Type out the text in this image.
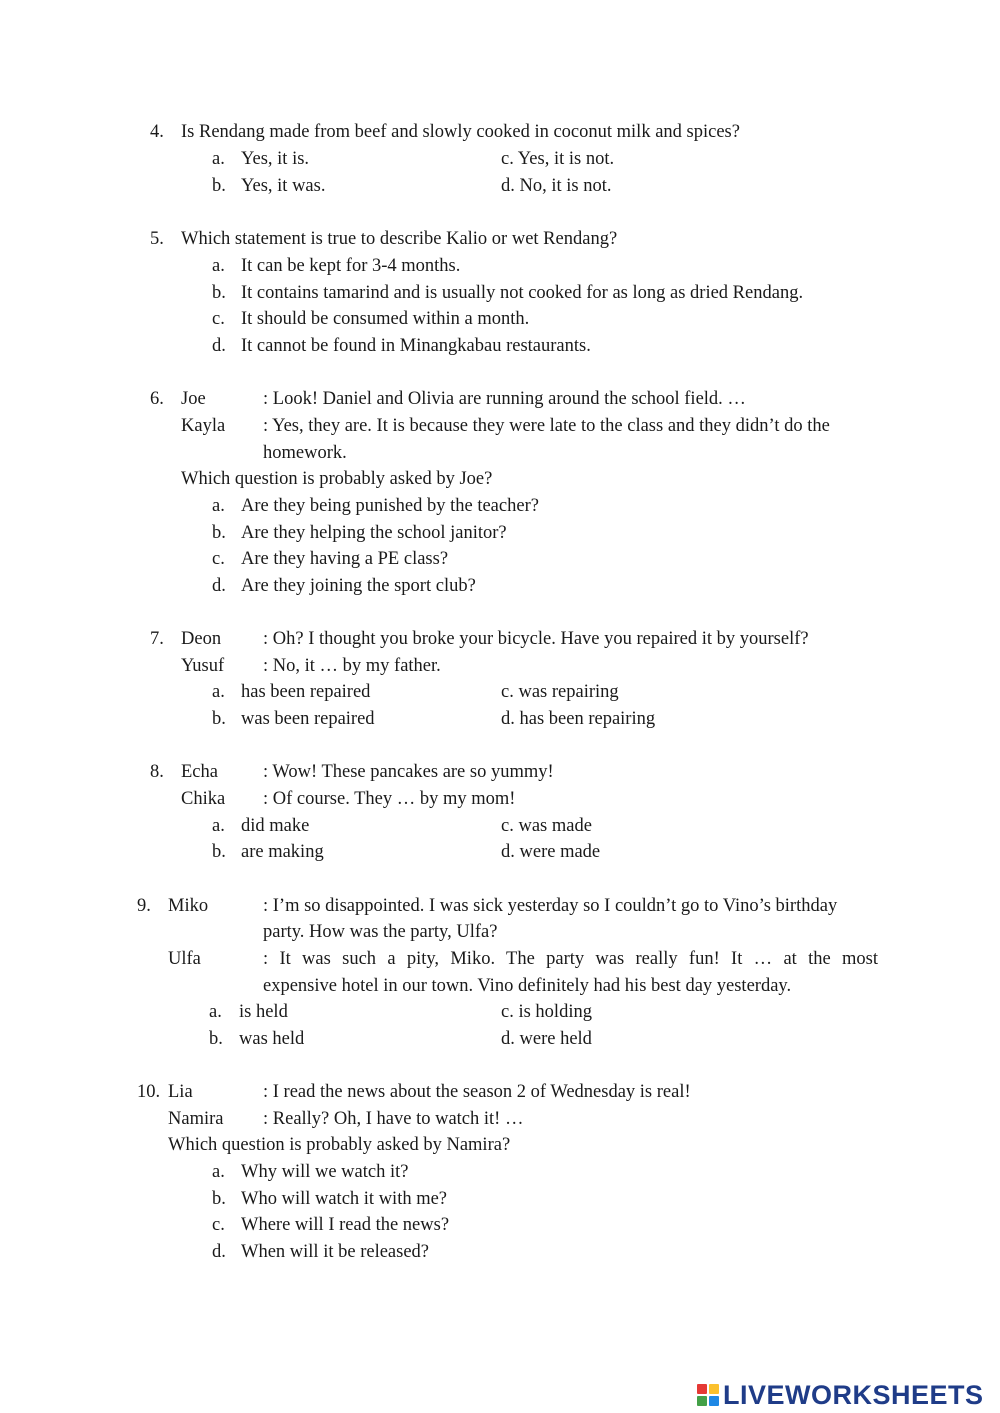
4. Is Rendang made from beef and slowly cooked in coconut milk and spices?
a. Yes, it is.	c. Yes, it is not.
b. Yes, it was.	d. No, it is not.
5. Which statement is true to describe Kalio or wet Rendang?
a. It can be kept for 3-4 months.
b. It contains tamarind and is usually not cooked for as long as dried Rendang.
c. It should be consumed within a month.
d. It cannot be found in Minangkabau restaurants.
6. Joe	: Look! Daniel and Olivia are running around the school field. …
Kayla : Yes, they are. It is because they were late to the class and they didn’t do the
homework.
Which question is probably asked by Joe?
a. Are they being punished by the teacher?
b. Are they helping the school janitor?
c. Are they having a PE class?
d. Are they joining the sport club?
7. Deon : Oh? I thought you broke your bicycle. Have you repaired it by yourself?
Yusuf : No, it … by my father.
a. has been repaired	c. was repairing
b. was been repaired	d. has been repairing
8. Echa : Wow! These pancakes are so yummy!
Chika : Of course. They … by my mom!
a. did make	c. was made
b. are making	d. were made
9. Miko	: I’m so disappointed. I was sick yesterday so I couldn’t go to Vino’s birthday
party. How was the party, Ulfa?
Ulfa	: It was such a pity, Miko. The party was really fun! It … at the most
expensive hotel in our town. Vino definitely had his best day yesterday.
a. is held	c. is holding
b. was held	d. were held
10. Lia	: I read the news about the season 2 of Wednesday is real!
Namira : Really? Oh, I have to watch it! …
Which question is probably asked by Namira?
a. Why will we watch it?
b. Who will watch it with me?
c. Where will I read the news?
d. When will it be released?
LIVEWORKSHEETS
